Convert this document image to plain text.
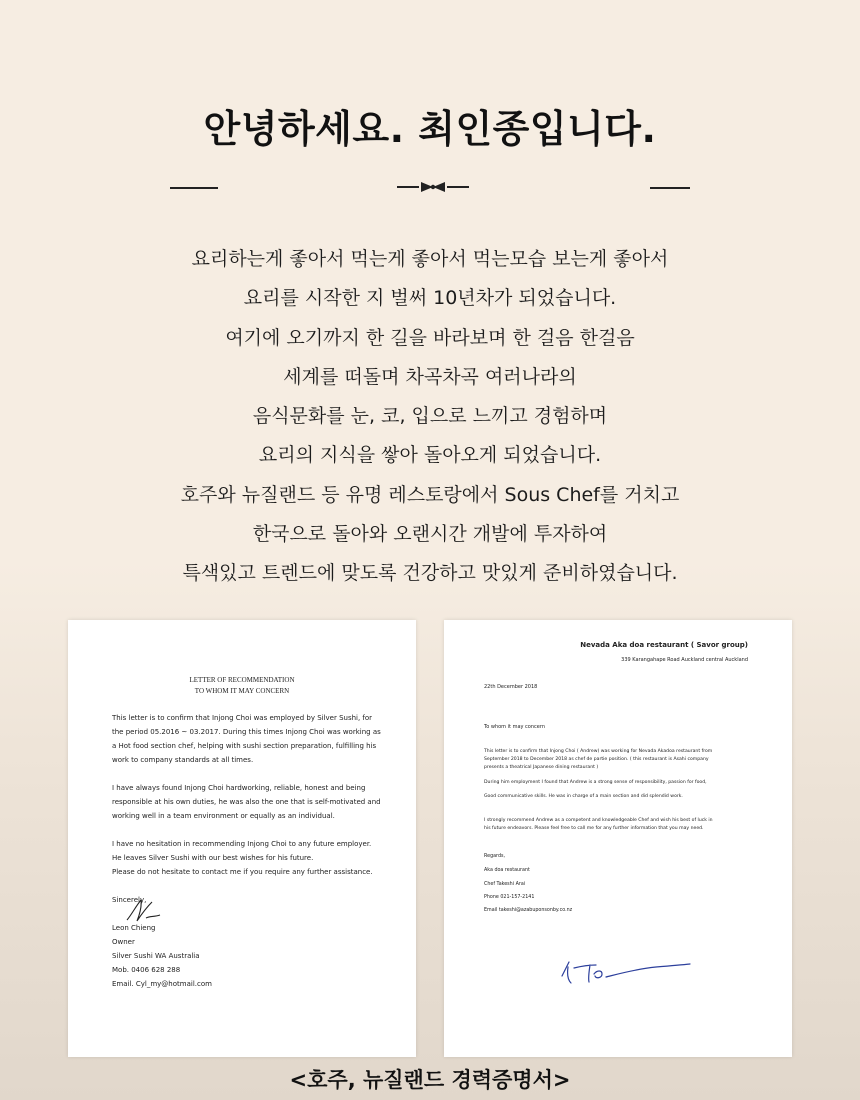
안녕하세요. 최인종입니다.

요리하는게 좋아서 먹는게 좋아서 먹는모습 보는게 좋아서

요리를 시작한 지 벌써 10년차가 되었습니다.

여기에 오기까지 한 길을 바라보며 한 걸음 한걸음

세계를 떠돌며 차곡차곡 여러나라의

음식문화를 눈, 코, 입으로 느끼고 경험하며

요리의 지식을 쌓아 돌아오게 되었습니다.

호주와 뉴질랜드 등 유명 레스토랑에서 Sous Chef를 거치고

한국으로 돌아와 오랜시간 개발에 투자하여

특색있고 트렌드에 맞도록 건강하고 맛있게 준비하였습니다.

LETTER OF RECOMMENDATION
TO WHOM IT MAY CONCERN
This letter is to confirm that Injong Choi was employed by Silver Sushi, for
the period 05.2016 ~ 03.2017. During this times Injong Choi was working as
a Hot food section chef, helping with sushi section preparation, fulfilling his
work to company standards at all times.
I have always found Injong Choi hardworking, reliable, honest and being
responsible at his own duties, he was also the one that is self-motivated and
working well in a team environment or equally as an individual.
I have no hesitation in recommending Injong Choi to any future employer.
He leaves Silver Sushi with our best wishes for his future.
Please do not hesitate to contact me if you require any further assistance.
Sincerely,
Leon Chieng
Owner
Silver Sushi WA Australia
Mob. 0406 628 288
Email. Cyl_my@hotmail.com
Nevada Aka doa restaurant ( Savor group)
339 Karangahape Road Auckland central Auckland
22th December 2018
To whom it may concern
This letter is to confirm that Injong Choi ( Andrew) was working for Nevada Akadoa restaurant from
September 2018 to December 2018 as chef de partie position. ( this restaurant is Asahi company
presents a theatrical Japanese dining restaurant )
During him employment I found that Andrew is a strong sense of responsibility, passion for food,
Good communicative skills. He was in charge of a main section and did splendid work.
I strongly recommend Andrew as a competent and knowledgeable Chef and wish his best of luck in
his future endeavors. Please feel free to call me for any further information that you may need.
Regards,
Aka doa restaurant
Chef Takeshi Arai
Phone 021-157-2141
Email takeshi@azabuponsonby.co.nz
<호주, 뉴질랜드 경력증명서>
